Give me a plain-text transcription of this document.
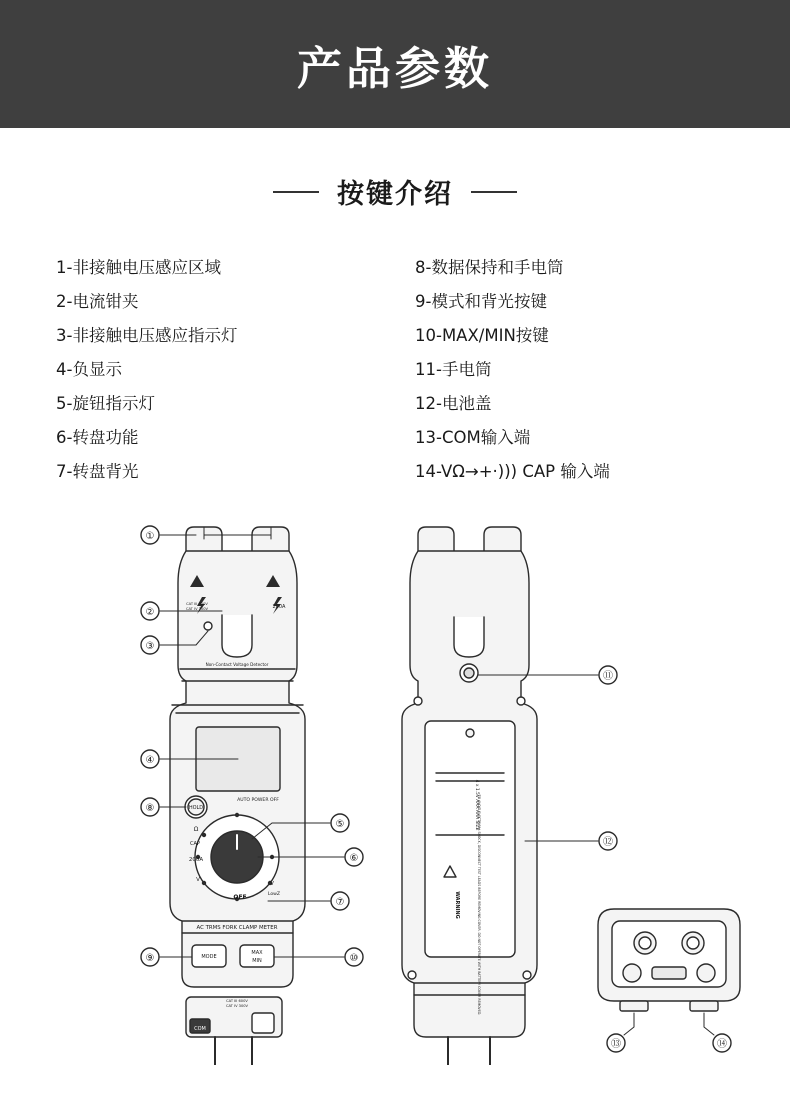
产品参数
按键介绍
1-非接触电压感应区域
2-电流钳夹
3-非接触电压感应指示灯
4-负显示
5-旋钮指示灯
6-转盘功能
7-转盘背光
8-数据保持和手电筒
9-模式和背光按键
10-MAX/MIN按键
11-手电筒
12-电池盖
13-COM输入端
14-VΩ→+·))) CAP 输入端
①
②
③
④
⑤
⑥
⑦
⑧
⑨	⑩
⑪
⑫
⑬	⑭
CAT III 600V
CAT IV 300V	200A
Non-Contact Voltage Detector
AUTO POWER OFF
HOLD
Ω
CAP
200A
V
OFF
V
LowZ
AC TRMS FORK CLAMP METER
MODE
MAX
MIN
COM
CAT III 600V
CAT IV 300V
4 x 1.5V AAA AAA SIZE
WARNING	TO AVOID ELECTRICAL SHOCK, DISCONNECT TEST LEADS BEFORE REMOVING COVER. DO NOT OPERATE WITH BATTERY COVER REMOVED.
